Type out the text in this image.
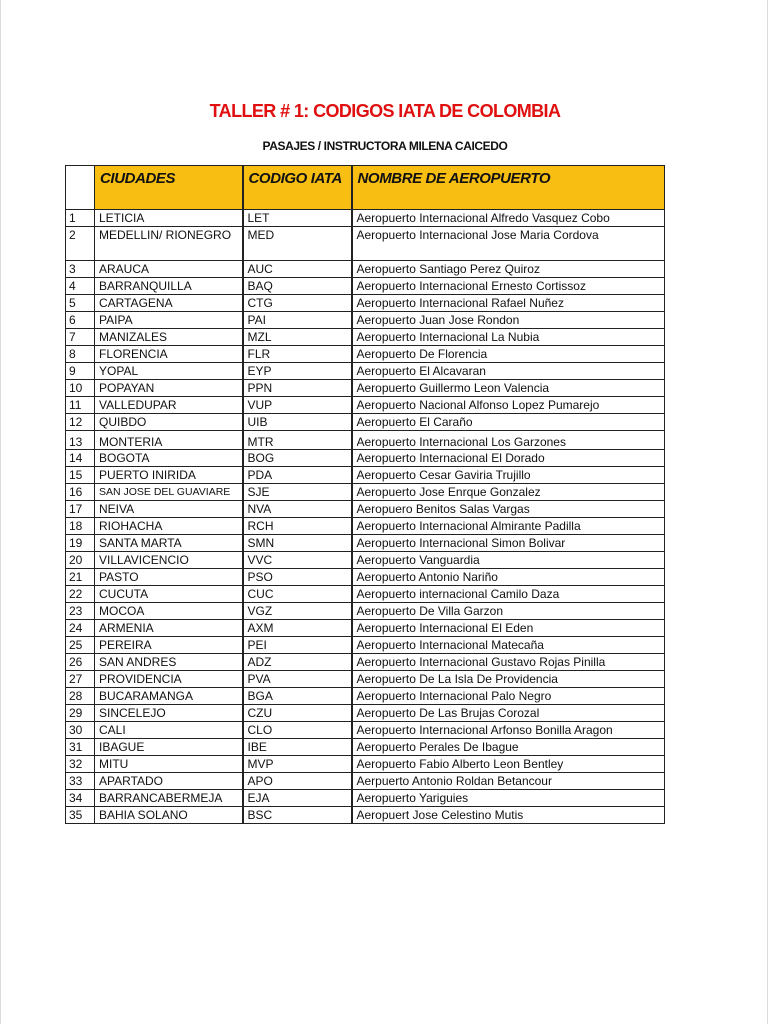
TALLER # 1: CODIGOS IATA DE COLOMBIA
PASAJES / INSTRUCTORA MILENA CAICEDO
	CIUDADES	CODIGO IATA	NOMBRE DE AEROPUERTO
1	LETICIA	LET	Aeropuerto Internacional Alfredo Vasquez Cobo
2	MEDELLIN/ RIONEGRO	MED	Aeropuerto Internacional Jose Maria Cordova
3	ARAUCA	AUC	Aeropuerto Santiago Perez Quiroz
4	BARRANQUILLA	BAQ	Aeropuerto Internacional Ernesto Cortissoz
5	CARTAGENA	CTG	Aeropuerto Internacional Rafael Nuñez
6	PAIPA	PAI	Aeropuerto Juan Jose Rondon
7	MANIZALES	MZL	Aeropuerto Internacional La Nubia
8	FLORENCIA	FLR	Aeropuerto De Florencia
9	YOPAL	EYP	Aeropuerto El Alcavaran
10	POPAYAN	PPN	Aeropuerto Guillermo Leon Valencia
11	VALLEDUPAR	VUP	Aeropuerto Nacional Alfonso Lopez Pumarejo
12	QUIBDO	UIB	Aeropuerto El Caraño

13	MONTERIA	MTR	Aeropuerto Internacional Los Garzones

14	BOGOTA	BOG	Aeropuerto Internacional El Dorado
15	PUERTO INIRIDA	PDA	Aeropuerto Cesar Gaviria Trujillo
16	SAN JOSE DEL GUAVIARE	SJE	Aeropuerto Jose Enrque Gonzalez
17	NEIVA	NVA	Aeropuero Benitos Salas Vargas
18	RIOHACHA	RCH	Aeropuerto Internacional Almirante Padilla
19	SANTA MARTA	SMN	Aeropuerto Internacional Simon Bolivar
20	VILLAVICENCIO	VVC	Aeropuerto Vanguardia
21	PASTO	PSO	Aeropuerto Antonio Nariño
22	CUCUTA	CUC	Aeropuerto internacional Camilo Daza
23	MOCOA	VGZ	Aeropuerto De Villa Garzon
24	ARMENIA	AXM	Aeropuerto Internacional El Eden
25	PEREIRA	PEI	Aeropuerto Internacional Matecaña
26	SAN ANDRES	ADZ	Aeropuerto Internacional Gustavo Rojas Pinilla
27	PROVIDENCIA	PVA	Aeropuerto De La Isla De Providencia
28	BUCARAMANGA	BGA	Aeropuerto Internacional Palo Negro
29	SINCELEJO	CZU	Aeropuerto De Las Brujas Corozal
30	CALI	CLO	Aeropuerto Internacional Arfonso Bonilla Aragon
31	IBAGUE	IBE	Aeropuerto Perales De Ibague
32	MITU	MVP	Aeropuerto Fabio Alberto Leon Bentley
33	APARTADO	APO	Aerpuerto Antonio Roldan Betancour
34	BARRANCABERMEJA	EJA	Aeropuerto Yariguies
35	BAHIA SOLANO	BSC	Aeropuert Jose Celestino Mutis
